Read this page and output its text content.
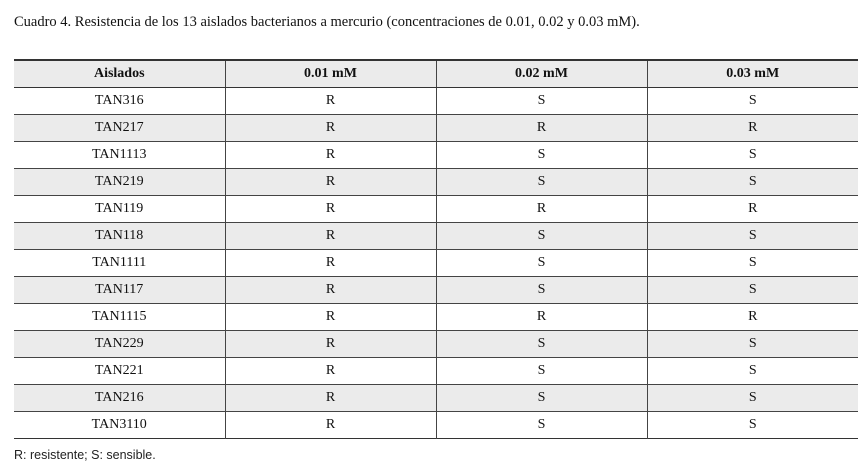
Cuadro 4. Resistencia de los 13 aislados bacterianos a mercurio (concentraciones de 0.01, 0.02 y 0.03 mM).
Aislados	0.01 mM	0.02 mM	0.03 mM
TAN316	R	S	S
TAN217	R	R	R
TAN1113	R	S	S
TAN219	R	S	S
TAN119	R	R	R
TAN118	R	S	S
TAN1111	R	S	S
TAN117	R	S	S
TAN1115	R	R	R
TAN229	R	S	S
TAN221	R	S	S
TAN216	R	S	S
TAN3110	R	S	S
R: resistente; S: sensible.
